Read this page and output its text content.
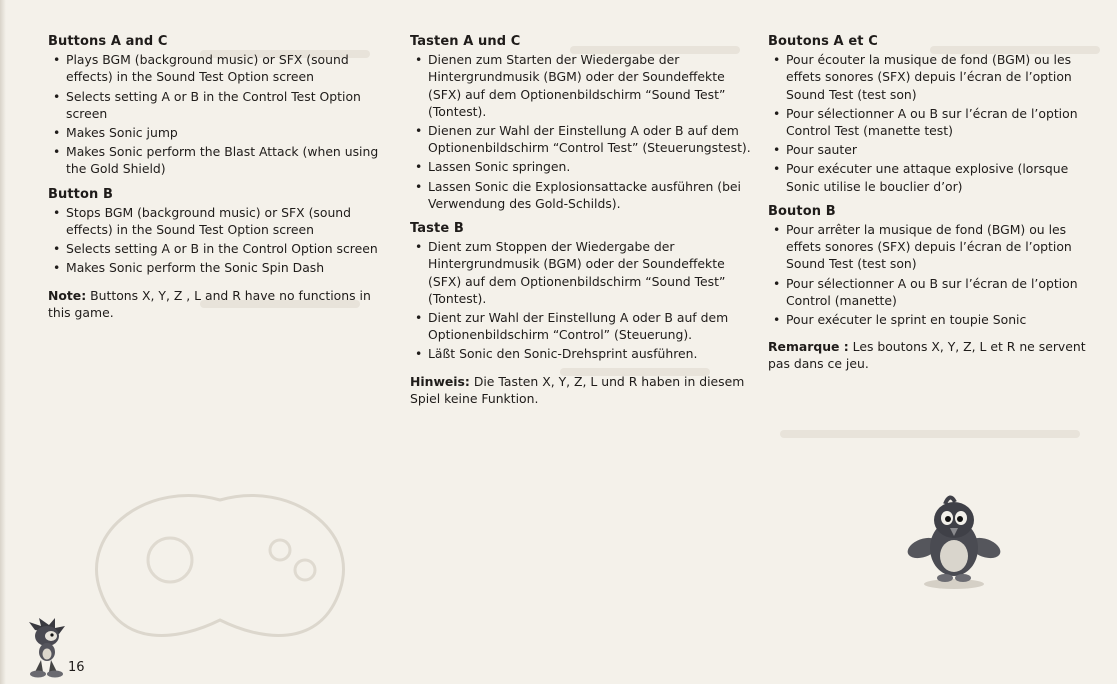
Buttons A and C
• Plays BGM (background music) or SFX (sound effects) in the Sound Test Option screen
• Selects setting A or B in the Control Test Option screen
• Makes Sonic jump
• Makes Sonic perform the Blast Attack (when using the Gold Shield)
Button B
• Stops BGM (background music) or SFX (sound effects) in the Sound Test Option screen
• Selects setting A or B in the Control Option screen
• Makes Sonic perform the Sonic Spin Dash

Note: Buttons X, Y, Z , L and R have no functions in this game.

Tasten A und C
• Dienen zum Starten der Wiedergabe der Hintergrundmusik (BGM) oder der Soundeffekte (SFX) auf dem Optionenbildschirm “Sound Test” (Tontest).
• Dienen zur Wahl der Einstellung A oder B auf dem Optionenbildschirm “Control Test” (Steuerungstest).
• Lassen Sonic springen.
• Lassen Sonic die Explosionsattacke ausführen (bei Verwendung des Gold-Schilds).
Taste B
• Dient zum Stoppen der Wiedergabe der Hintergrundmusik (BGM) oder der Soundeffekte (SFX) auf dem Optionenbildschirm “Sound Test” (Tontest).
• Dient zur Wahl der Einstellung A oder B auf dem Optionenbildschirm “Control” (Steuerung).
• Läßt Sonic den Sonic-Drehsprint ausführen.

Hinweis: Die Tasten X, Y, Z, L und R haben in diesem Spiel keine Funktion.

Boutons A et C
• Pour écouter la musique de fond (BGM) ou les effets sonores (SFX) depuis l’écran de l’option Sound Test (test son)
• Pour sélectionner A ou B sur l’écran de l’option Control Test (manette test)
• Pour sauter
• Pour exécuter une attaque explosive (lorsque Sonic utilise le bouclier d’or)
Bouton B
• Pour arrêter la musique de fond (BGM) ou les effets sonores (SFX) depuis l’écran de l’option Sound Test (test son)
• Pour sélectionner A ou B sur l’écran de l’option Control (manette)
• Pour exécuter le sprint en toupie Sonic

Remarque : Les boutons X, Y, Z, L et R ne servent pas dans ce jeu.

16
